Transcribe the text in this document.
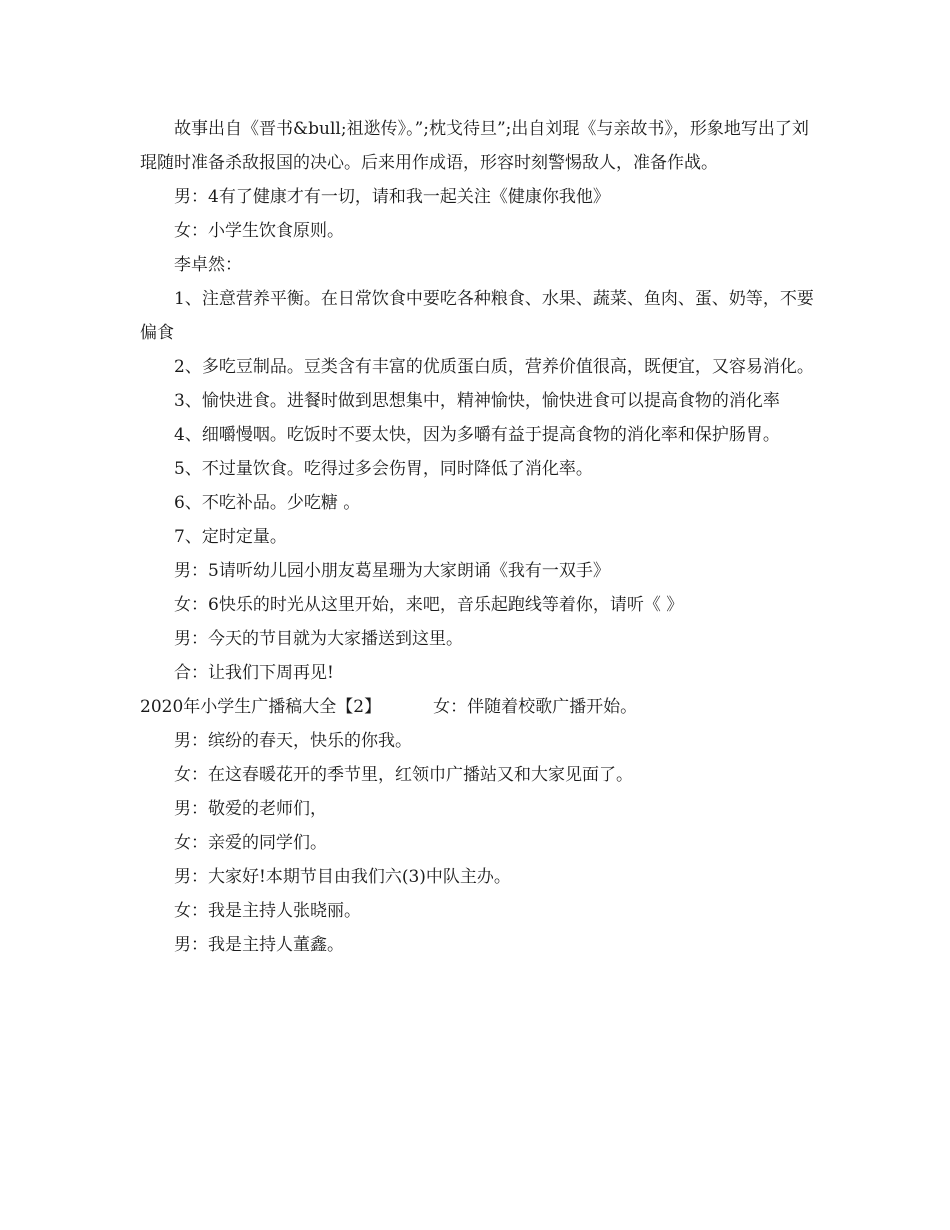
故事出自《晋书&bull;祖逖传》。”;枕戈待旦”;出自刘琨《与亲故书》，形象地写出了刘琨随时准备杀敌报国的决心。后来用作成语，形容时刻警惕敌人，准备作战。

男：4有了健康才有一切，请和我一起关注《健康你我他》

女：小学生饮食原则。

李卓然：

1、注意营养平衡。在日常饮食中要吃各种粮食、水果、蔬菜、鱼肉、蛋、奶等，不要偏食

2、多吃豆制品。豆类含有丰富的优质蛋白质，营养价值很高，既便宜，又容易消化。

3、愉快进食。进餐时做到思想集中，精神愉快，愉快进食可以提高食物的消化率

4、细嚼慢咽。吃饭时不要太快，因为多嚼有益于提高食物的消化率和保护肠胃。

5、不过量饮食。吃得过多会伤胃，同时降低了消化率。

6、不吃补品。少吃糖 。

7、定时定量。

男：5请听幼儿园小朋友葛星珊为大家朗诵《我有一双手》

女：6快乐的时光从这里开始，来吧，音乐起跑线等着你，请听《 》

男：今天的节目就为大家播送到这里。

合：让我们下周再见!

2020年小学生广播稿大全【2】	女：伴随着校歌广播开始。

男：缤纷的春天，快乐的你我。

女：在这春暖花开的季节里，红领巾广播站又和大家见面了。

男：敬爱的老师们，

女：亲爱的同学们。

男：大家好!本期节目由我们六(3)中队主办。

女：我是主持人张晓丽。

男：我是主持人董鑫。
